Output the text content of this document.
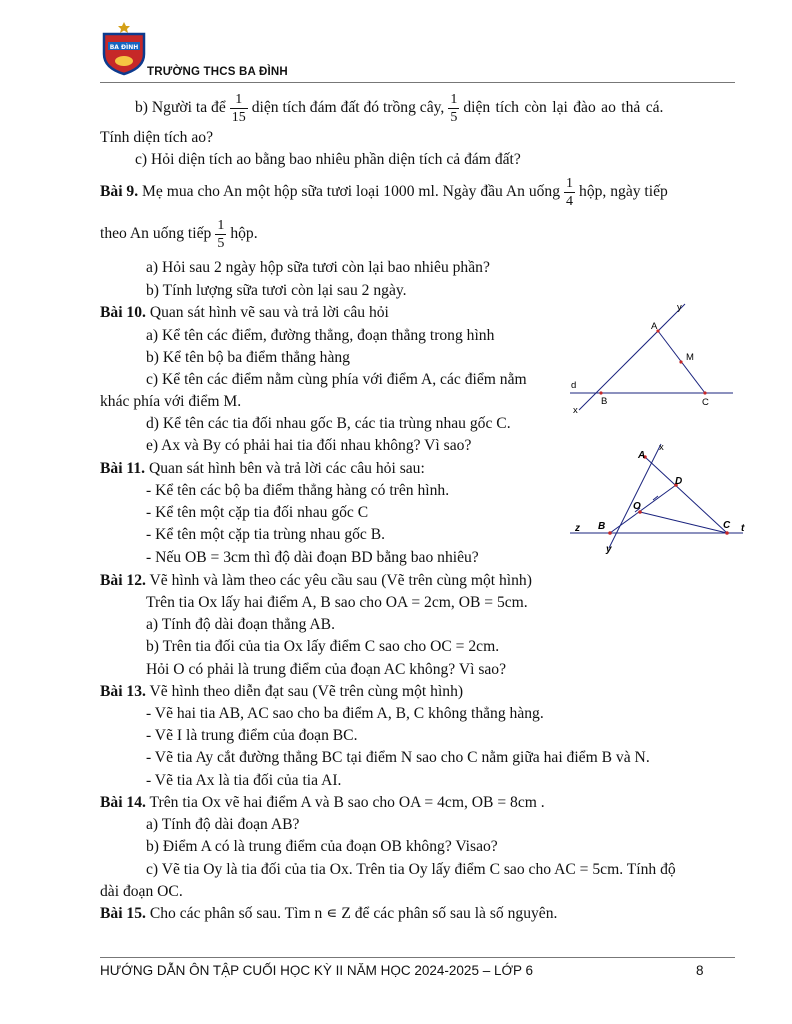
BA ĐÌNH
TRƯỜNG THCS BA ĐÌNH
b) Người ta để $\frac{1}{15}$ diện tích đám đất đó trồng cây, $\frac{1}{5}$ diện tích còn lại đào ao thả cá.
Tính diện tích ao?
c) Hỏi diện tích ao bằng bao nhiêu phần diện tích cả đám đất?
Bài 9. Mẹ mua cho An một hộp sữa tươi loại 1000 ml. Ngày đầu An uống $\frac{1}{4}$ hộp, ngày tiếp
theo An uống tiếp $\frac{1}{5}$ hộp.
a) Hỏi sau 2 ngày hộp sữa tươi còn lại bao nhiêu phần?
b) Tính lượng sữa tươi còn lại sau 2 ngày.
Bài 10. Quan sát hình vẽ sau và trả lời câu hỏi
a) Kể tên các điểm, đường thẳng, đoạn thẳng trong hình
b) Kể tên bộ ba điểm thẳng hàng
c) Kể tên các điểm nằm cùng phía với điểm A, các điểm nằm
khác phía với điểm M.
d) Kể tên các tia đối nhau gốc B, các tia trùng nhau gốc C.
e) Ax và By có phải hai tia đối nhau không? Vì sao?
y
A
M
d
B	C
x
Bài 11. Quan sát hình bên và trả lời các câu hỏi sau:
- Kể tên các bộ ba điểm thẳng hàng có trên hình.
- Kể tên một cặp tia đối nhau gốc C
- Kể tên một cặp tia trùng nhau gốc B.
- Nếu OB = 3cm thì độ dài đoạn BD bằng bao nhiêu?
x
A
D
O
z B	C t
y
Bài 12. Vẽ hình và làm theo các yêu cầu sau (Vẽ trên cùng một hình)
Trên tia Ox lấy hai điểm A, B sao cho OA = 2cm, OB = 5cm.
a) Tính độ dài đoạn thẳng AB.
b) Trên tia đối của tia Ox lấy điểm C sao cho OC = 2cm.
Hỏi O có phải là trung điểm của đoạn AC không? Vì sao?
Bài 13. Vẽ hình theo diễn đạt sau (Vẽ trên cùng một hình)
- Vẽ hai tia AB, AC sao cho ba điểm A, B, C không thẳng hàng.
- Vẽ I là trung điểm của đoạn BC.
- Vẽ tia Ay cắt đường thẳng BC tại điểm N sao cho C nằm giữa hai điểm B và N.
- Vẽ tia Ax là tia đối của tia AI.
Bài 14. Trên tia Ox vẽ hai điểm A và B sao cho OA = 4cm, OB = 8cm .
a) Tính độ dài đoạn AB?
b) Điểm A có là trung điểm của đoạn OB không? Visao?
c) Vẽ tia Oy là tia đối của tia Ox. Trên tia Oy lấy điểm C sao cho AC = 5cm. Tính độ
dài đoạn OC.
Bài 15. Cho các phân số sau. Tìm n ∊ Z để các phân số sau là số nguyên.
HƯỚNG DẪN ÔN TẬP CUỐI HỌC KỲ II NĂM HỌC 2024-2025 – LỚP 6	8
